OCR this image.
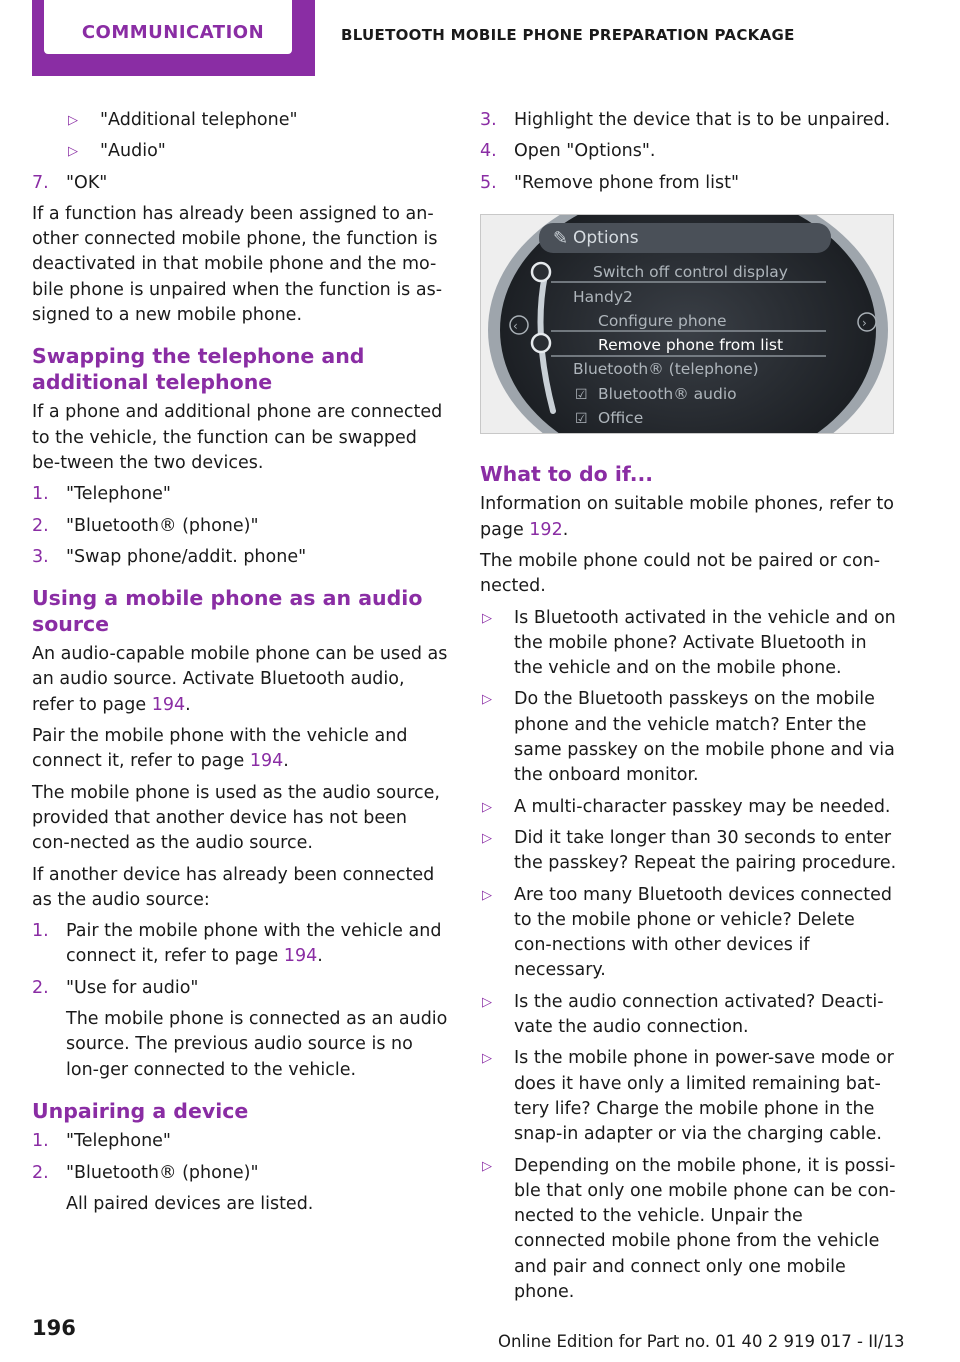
COMMUNICATION	BLUETOOTH MOBILE PHONE PREPARATION PACKAGE
▷	"Additional telephone"
▷	"Audio"
7. "OK"

If a function has already been assigned to an-other connected mobile phone, the function is deactivated in that mobile phone and the mo-bile phone is unpaired when the function is as-signed to a new mobile phone.

Swapping the telephone and additional telephone

If a phone and additional phone are connected to the vehicle, the function can be swapped be-tween the two devices.

1. "Telephone"
2. "Bluetooth® (phone)"
3. "Swap phone/addit. phone"
Using a mobile phone as an audio source

An audio-capable mobile phone can be used as an audio source. Activate Bluetooth audio, refer to page 194.

Pair the mobile phone with the vehicle and connect it, refer to page 194.

The mobile phone is used as the audio source, provided that another device has not been con-nected as the audio source.

If another device has already been connected as the audio source:

1. Pair the mobile phone with the vehicle and connect it, refer to page 194.
2. "Use for audio"

The mobile phone is connected as an audio source. The previous audio source is no lon-ger connected to the vehicle.
Unpairing a device
1. "Telephone"
2. "Bluetooth® (phone)"

All paired devices are listed.
3. Highlight the device that is to be unpaired.
4. Open "Options".
5. "Remove phone from list"
✎ Options
‹	›
Switch off control display
Handy2
Configure phone
Remove phone from list
Bluetooth® (telephone)
☑ Bluetooth® audio
☑ Office
What to do if...

Information on suitable mobile phones, refer to page 192.

The mobile phone could not be paired or con-nected.

▷	Is Bluetooth activated in the vehicle and on the mobile phone? Activate Bluetooth in the vehicle and on the mobile phone.
▷	Do the Bluetooth passkeys on the mobile phone and the vehicle match? Enter the same passkey on the mobile phone and via the onboard monitor.
▷	A multi-character passkey may be needed.
▷	Did it take longer than 30 seconds to enter the passkey? Repeat the pairing procedure.
▷	Are too many Bluetooth devices connected to the mobile phone or vehicle? Delete con-nections with other devices if necessary.
▷	Is the audio connection activated? Deacti-vate the audio connection.
▷	Is the mobile phone in power-save mode or does it have only a limited remaining bat-tery life? Charge the mobile phone in the snap-in adapter or via the charging cable.
▷	Depending on the mobile phone, it is possi-ble that only one mobile phone can be con-nected to the vehicle. Unpair the connected mobile phone from the vehicle and pair and connect only one mobile phone.
196
Online Edition for Part no. 01 40 2 919 017 - II/13
